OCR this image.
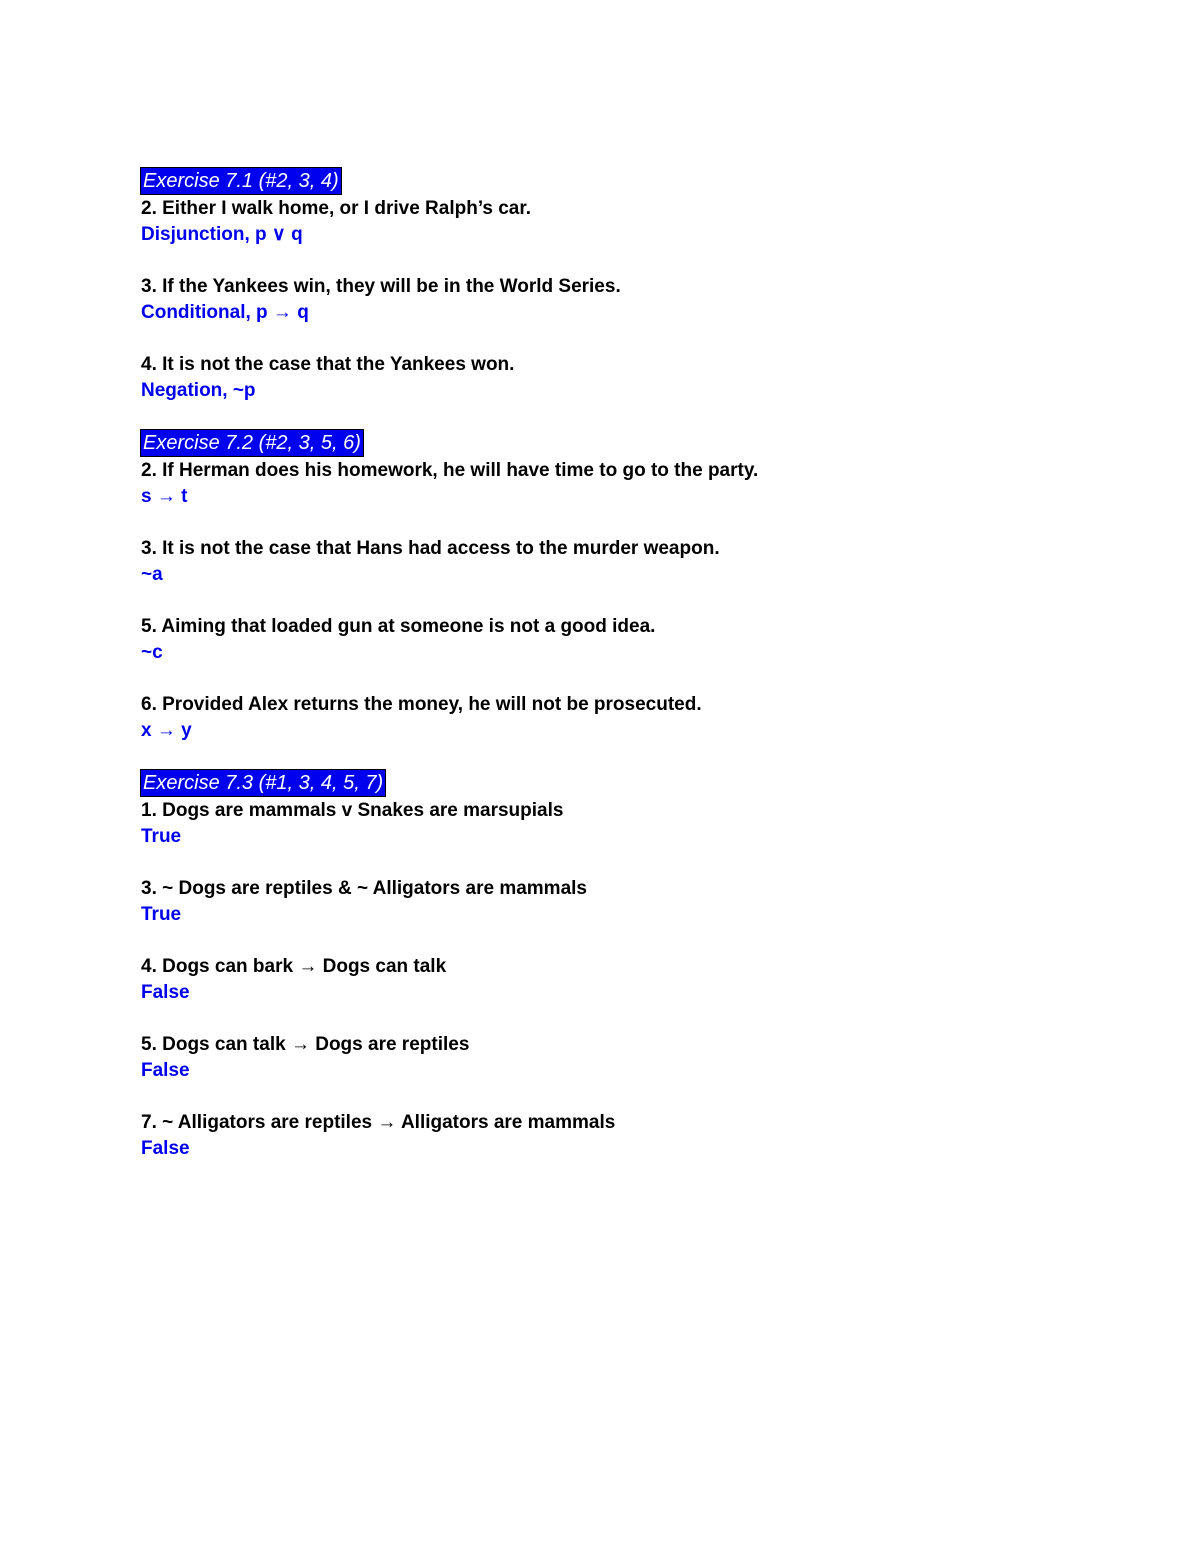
Exercise 7.1 (#2, 3, 4)
2. Either I walk home, or I drive Ralph’s car.
Disjunction, p ∨ q
3. If the Yankees win, they will be in the World Series.
Conditional, p → q
4. It is not the case that the Yankees won.
Negation, ~p
Exercise 7.2 (#2, 3, 5, 6)
2. If Herman does his homework, he will have time to go to the party.
s → t
3. It is not the case that Hans had access to the murder weapon.
~a
5. Aiming that loaded gun at someone is not a good idea.
~c
6. Provided Alex returns the money, he will not be prosecuted.
x → y
Exercise 7.3 (#1, 3, 4, 5, 7)
1. Dogs are mammals v Snakes are marsupials
True
3. ~ Dogs are reptiles & ~ Alligators are mammals
True
4. Dogs can bark → Dogs can talk
False
5. Dogs can talk → Dogs are reptiles
False
7. ~ Alligators are reptiles → Alligators are mammals
False
